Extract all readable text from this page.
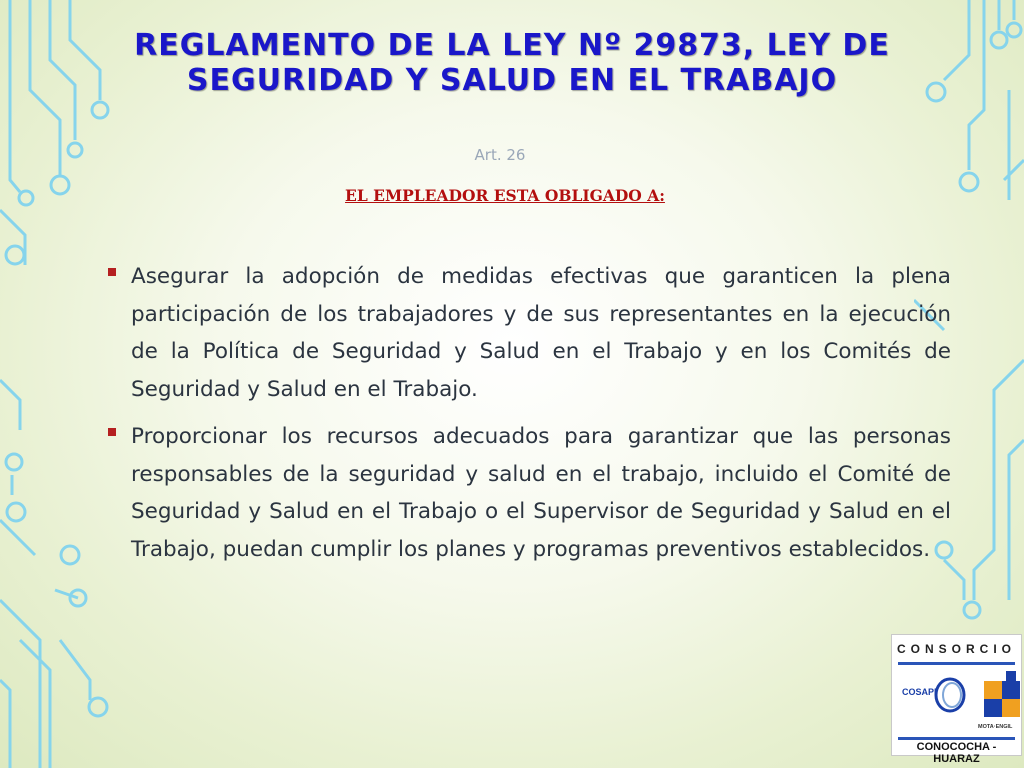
REGLAMENTO DE LA LEY Nº 29873, LEY DE
SEGURIDAD Y SALUD EN EL TRABAJO
Art. 26
EL EMPLEADOR ESTA OBLIGADO A:
Asegurar la adopción de medidas efectivas que garanticen la plena participación de los trabajadores y de sus representantes en la ejecución de la Política de Seguridad y Salud en el Trabajo y en los Comités de Seguridad y Salud en el Trabajo.
Proporcionar los recursos adecuados para garantizar que las personas responsables de la seguridad y salud en el trabajo, incluido el Comité de Seguridad y Salud en el Trabajo o el Supervisor de Seguridad y Salud en el Trabajo, puedan cumplir los planes y programas preventivos establecidos.
CONSORCIO
COSAPI
MOTA·ENGIL
CONOCOCHA - HUARAZ
